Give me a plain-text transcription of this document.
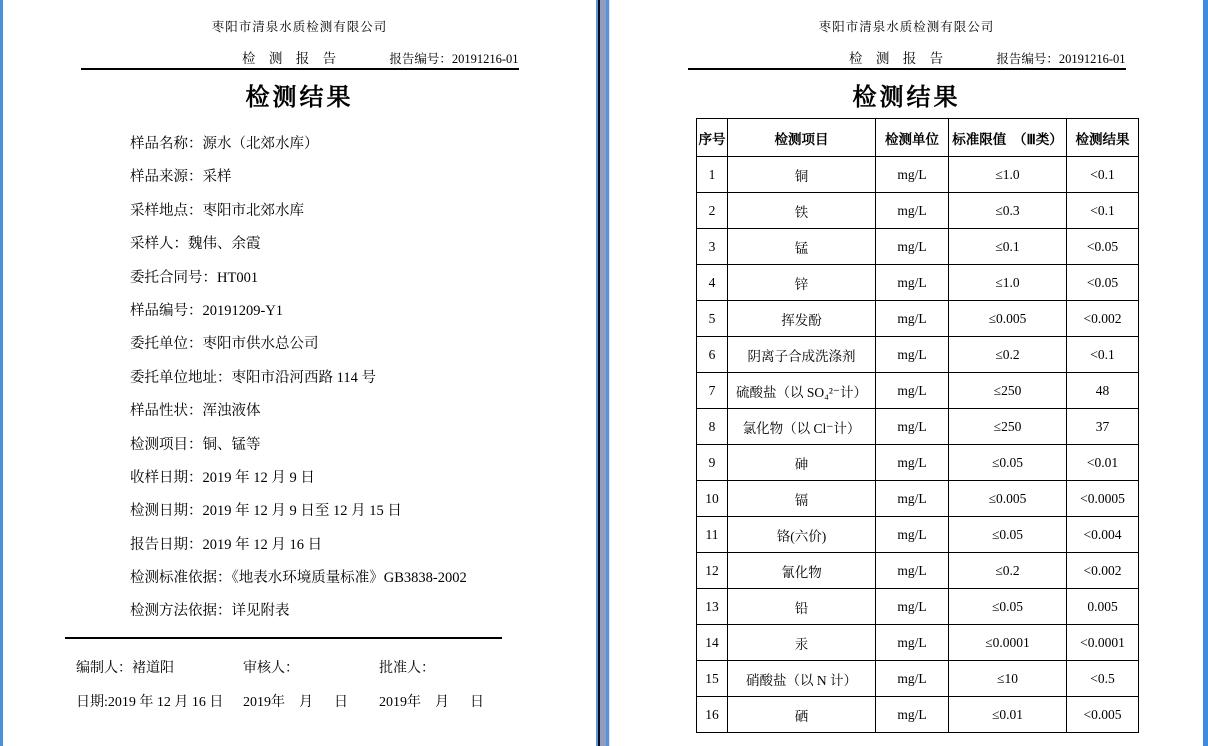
枣阳市清泉水质检测有限公司
检 测 报 告	报告编号：20191216-01
检测结果

样品名称：源水（北郊水库）

样品来源：采样

采样地点：枣阳市北郊水库

采样人：魏伟、余霞

委托合同号：HT001

样品编号：20191209-Y1

委托单位：枣阳市供水总公司

委托单位地址：枣阳市沿河西路 114 号

样品性状：浑浊液体

检测项目：铜、锰等

收样日期：2019 年 12 月 9 日

检测日期：2019 年 12 月 9 日至 12 月 15 日

报告日期：2019 年 12 月 16 日

检测标准依据：《地表水环境质量标准》GB3838-2002

检测方法依据：详见附表

编制人：褚道阳	审核人：	批准人：
日期:2019 年 12 月 16 日	2019年    月      日	2019年    月      日
枣阳市清泉水质检测有限公司
检 测 报 告	报告编号：20191216-01
检测结果
序号	检测项目	检测单位	标准限值  （Ⅲ类）	检测结果
1	铜	mg/L	≤1.0	<0.1
2	铁	mg/L	≤0.3	<0.1
3	锰	mg/L	≤0.1	<0.05
4	锌	mg/L	≤1.0	<0.05
5	挥发酚	mg/L	≤0.005	<0.002
6	阴离子合成洗涤剂	mg/L	≤0.2	<0.1
7	硫酸盐（以 SO₄²⁻计）	mg/L	≤250	48
8	氯化物（以 Cl⁻计）	mg/L	≤250	37
9	砷	mg/L	≤0.05	<0.01
10	镉	mg/L	≤0.005	<0.0005
11	铬(六价)	mg/L	≤0.05	<0.004
12	氰化物	mg/L	≤0.2	<0.002
13	铅	mg/L	≤0.05	0.005
14	汞	mg/L	≤0.0001	<0.0001
15	硝酸盐（以 N 计）	mg/L	≤10	<0.5
16	硒	mg/L	≤0.01	<0.005
